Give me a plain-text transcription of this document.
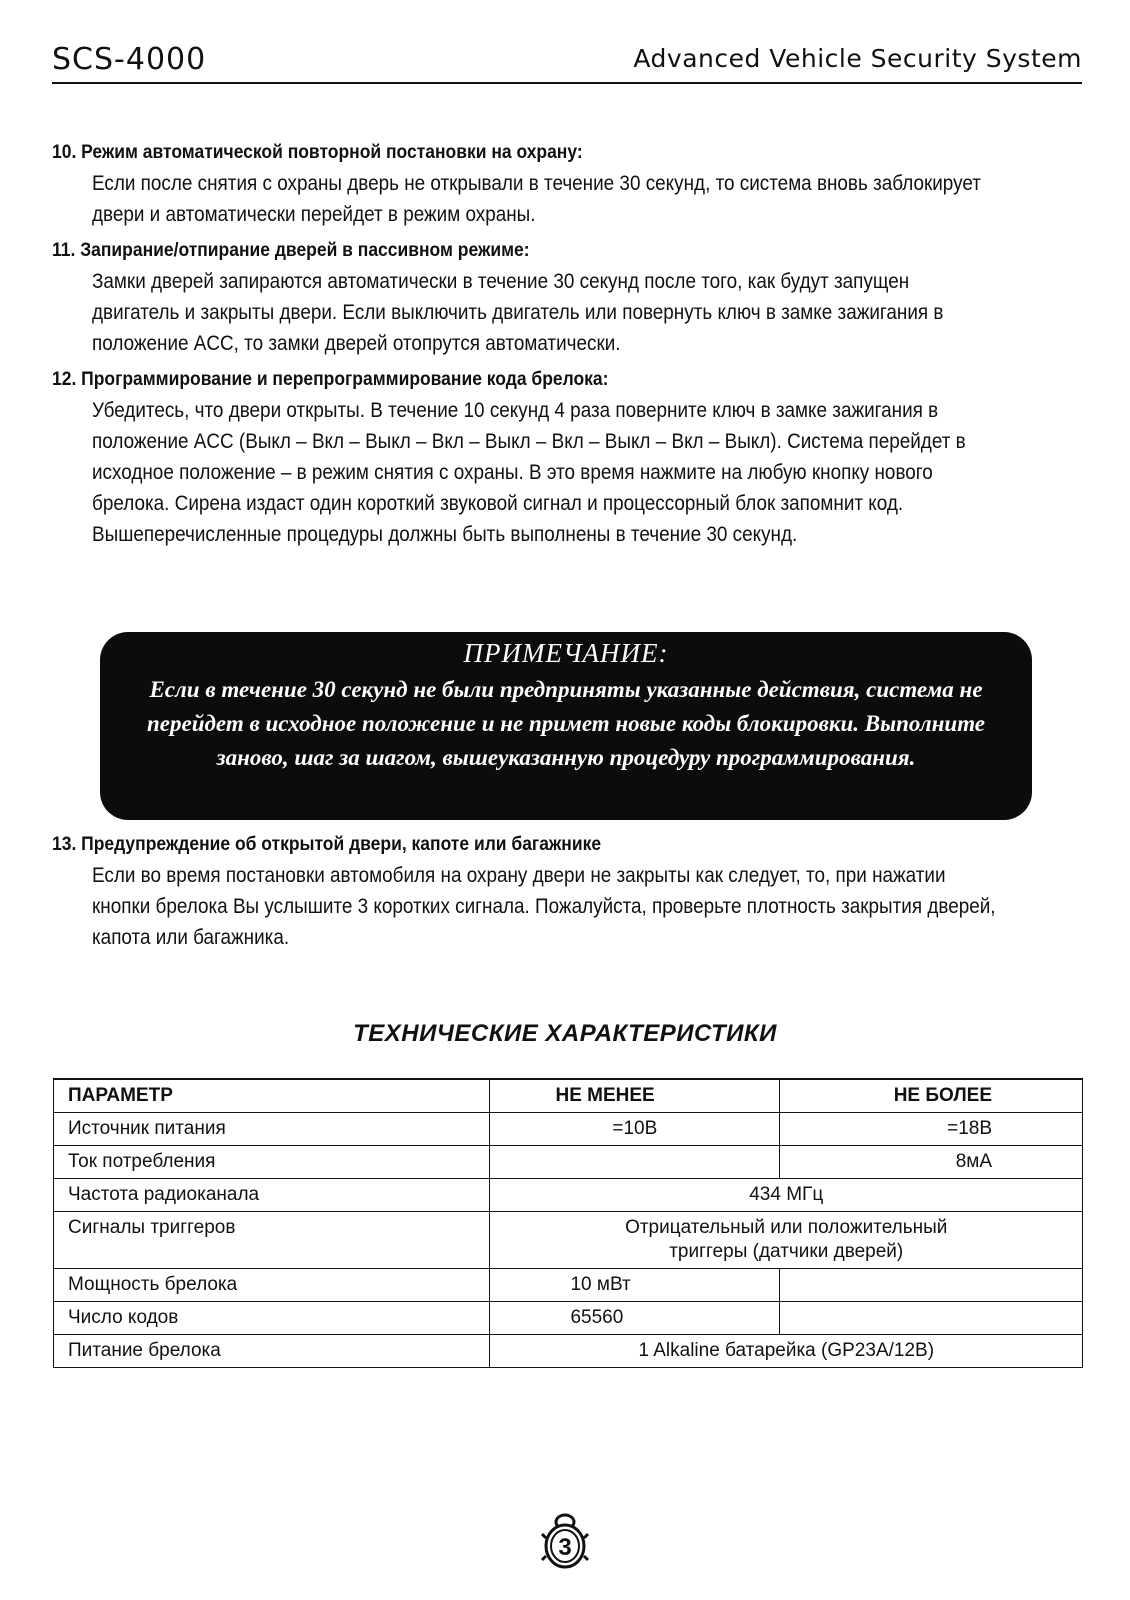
SCS-4000	Advanced Vehicle Security System
10. Режим автоматической повторной постановки на охрану:

Если после снятия с охраны дверь не открывали в течение 30 секунд, то система вновь заблокирует двери и автоматически перейдет в режим охраны.

11. Запирание/отпирание дверей в пассивном режиме:

Замки дверей запираются автоматически в течение 30 секунд после того, как будут запущен двигатель и закрыты двери. Если выключить двигатель или повернуть ключ в замке зажигания в положение ACC, то замки дверей отопрутся автоматически.

12. Программирование и перепрограммирование кода брелока:

Убедитесь, что двери открыты. В течение 10 секунд 4 раза поверните ключ в замке зажигания в положение ACC (Выкл – Вкл – Выкл – Вкл – Выкл – Вкл – Выкл – Вкл – Выкл). Система перейдет в исходное положение – в режим снятия с охраны. В это время нажмите на любую кнопку нового брелока. Сирена издаст один короткий звуковой сигнал и процессорный блок запомнит код. Вышеперечисленные процедуры должны быть выполнены в течение 30 секунд.

ПРИМЕЧАНИЕ:
Если в течение 30 секунд не были предприняты указанные действия, система не перейдет в исходное положение и не примет новые коды блокировки. Выполните заново, шаг за шагом, вышеуказанную процедуру программирования.
13. Предупреждение об открытой двери, капоте или багажнике

Если во время постановки автомобиля на охрану двери не закрыты как следует, то, при нажатии кнопки брелока Вы услышите 3 коротких сигнала. Пожалуйста, проверьте плотность закрытия дверей, капота или багажника.

ТЕХНИЧЕСКИЕ ХАРАКТЕРИСТИКИ
ПАРАМЕТР	НЕ МЕНЕЕ	НЕ БОЛЕЕ
Источник питания	=10В	=18В
Ток потребления		8мА
Частота радиоканала	434 МГц	
Сигналы триггеров	Отрицательный или положительный
триггеры (датчики дверей)	

Мощность брелока	10 мВт	
Число кодов	65560	
Питание брелока	1 Alkaline батарейка (GP23A/12В)	
3
